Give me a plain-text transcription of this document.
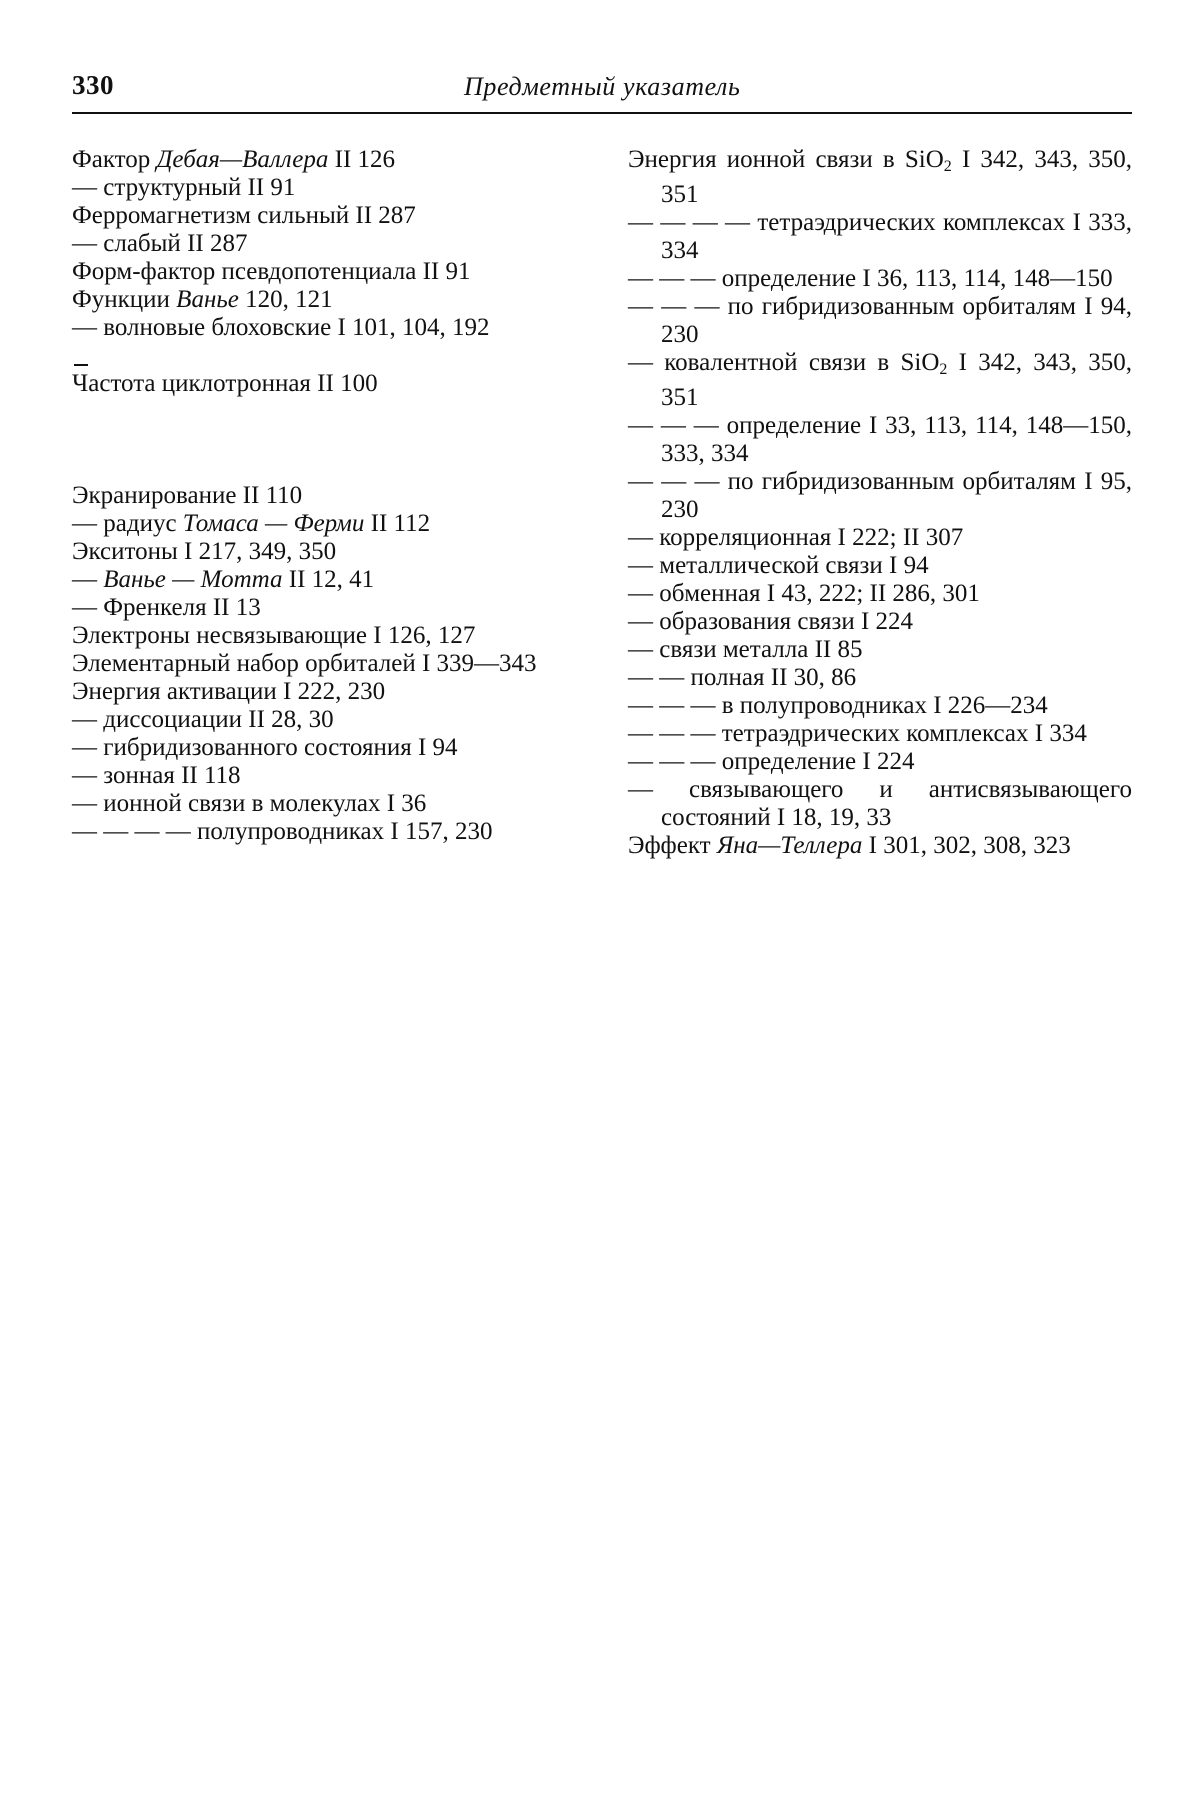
330	Предметный указатель
Фактор Дебая—Валлера II 126
— структурный II 91
Ферромагнетизм сильный II 287
— слабый II 287
Форм-фактор псевдопотенциала II 91
Функции Ванье 120, 121
— волновые блоховские I 101, 104, 192
Частота циклотронная II 100
Экранирование II 110
— радиус Томаса — Ферми II 112
Экситоны I 217, 349, 350
— Ванье — Мотта II 12, 41
— Френкеля II 13
Электроны несвязывающие I 126, 127
Элементарный набор орбиталей I 339—343
Энергия активации I 222, 230
— диссоциации II 28, 30
— гибридизованного состояния I 94
— зонная II 118
— ионной связи в молекулах I 36
— — — — полупроводниках I 157, 230
Энергия ионной связи в SiO2 I 342, 343, 350, 351
— — — — тетраэдрических комплексах I 333, 334
— — — определение I 36, 113, 114, 148—150
— — — по гибридизованным орбиталям I 94, 230
— ковалентной связи в SiO2 I 342, 343, 350, 351
— — — определение I 33, 113, 114, 148—150, 333, 334
— — — по гибридизованным орбиталям I 95, 230
— корреляционная I 222; II 307
— металлической связи I 94
— обменная I 43, 222; II 286, 301
— образования связи I 224
— связи металла II 85
— — полная II 30, 86
— — — в полупроводниках I 226—234
— — — тетраэдрических комплексах I 334
— — — определение I 224
— связывающего и антисвязывающего состояний I 18, 19, 33
Эффект Яна—Теллера I 301, 302, 308, 323
